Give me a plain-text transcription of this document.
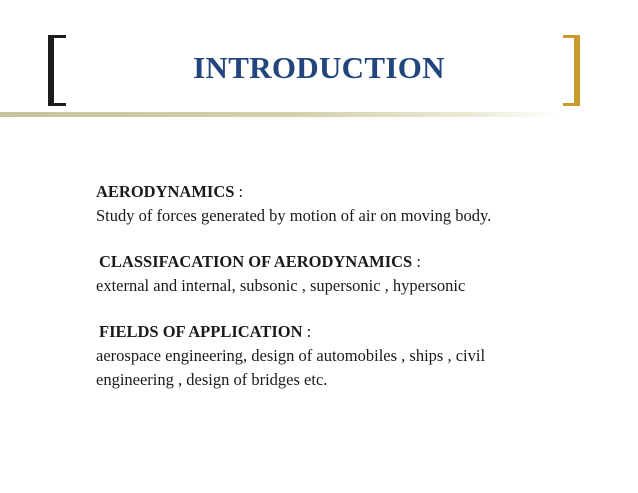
INTRODUCTION
AERODYNAMICS :
Study of forces generated by motion of air on moving body.
CLASSIFACATION OF AERODYNAMICS :
external and internal, subsonic , supersonic , hypersonic
FIELDS OF APPLICATION :
aerospace engineering, design of automobiles , ships , civil
engineering , design of bridges etc.
